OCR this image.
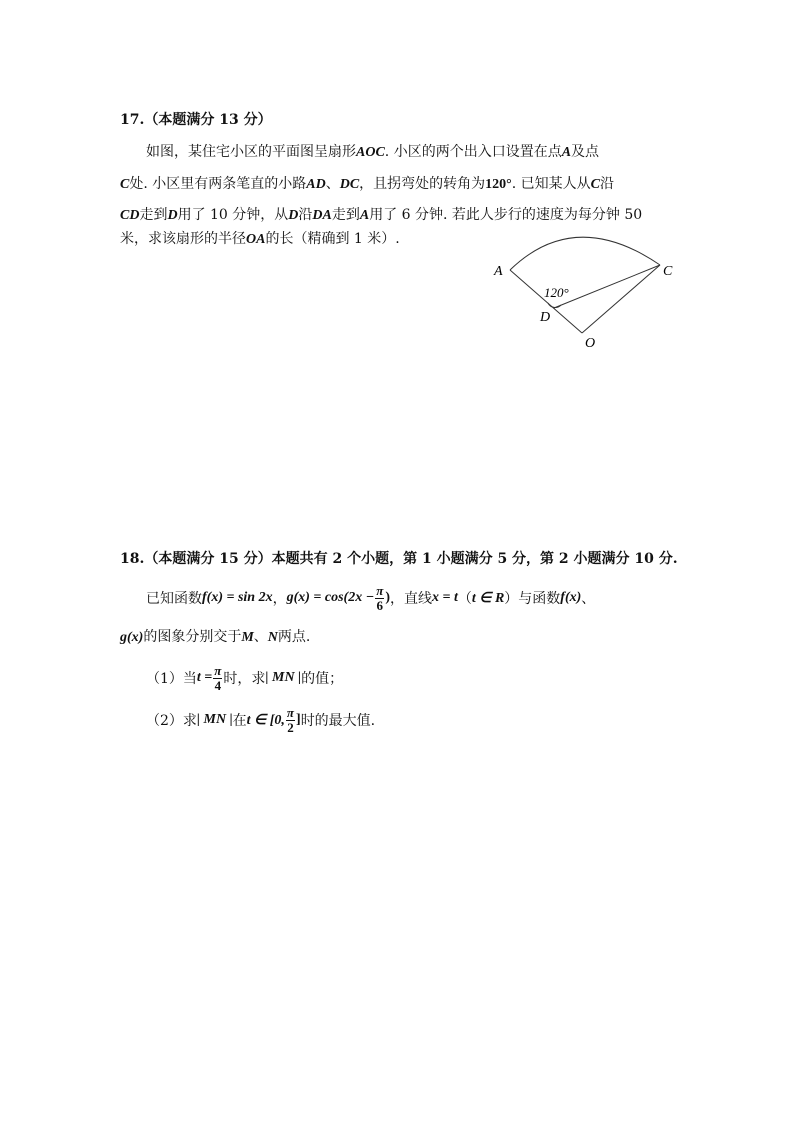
17.（本题满分 13 分）
如图，某住宅小区的平面图呈扇形AOC. 小区的两个出入口设置在点A及点
C处. 小区里有两条笔直的小路AD、DC，且拐弯处的转角为120°. 已知某人从C沿
CD走到D用了 10 分钟，从D沿DA走到A用了 6 分钟. 若此人步行的速度为每分钟 50
米，求该扇形的半径OA的长（精确到 1 米）.
A	C
D
O
120°
18.（本题满分 15 分）本题共有 2 个小题，第 1 小题满分 5 分，第 2 小题满分 10 分.
已知函数 f(x) = sin 2x ， $g(x) = \cos(2x - \frac{\pi}{6}$ ) ，直线 x = t （ t ∈ R ）与函数 f(x) 、
g(x)的图象分别交于M、N两点.
（1）当 $t = \frac{\pi}{4}$ 时，求 | MN | 的值；
（2）求 | MN | 在 t ∈ [0, $\frac{\pi}{2}$ ] 时的最大值.
